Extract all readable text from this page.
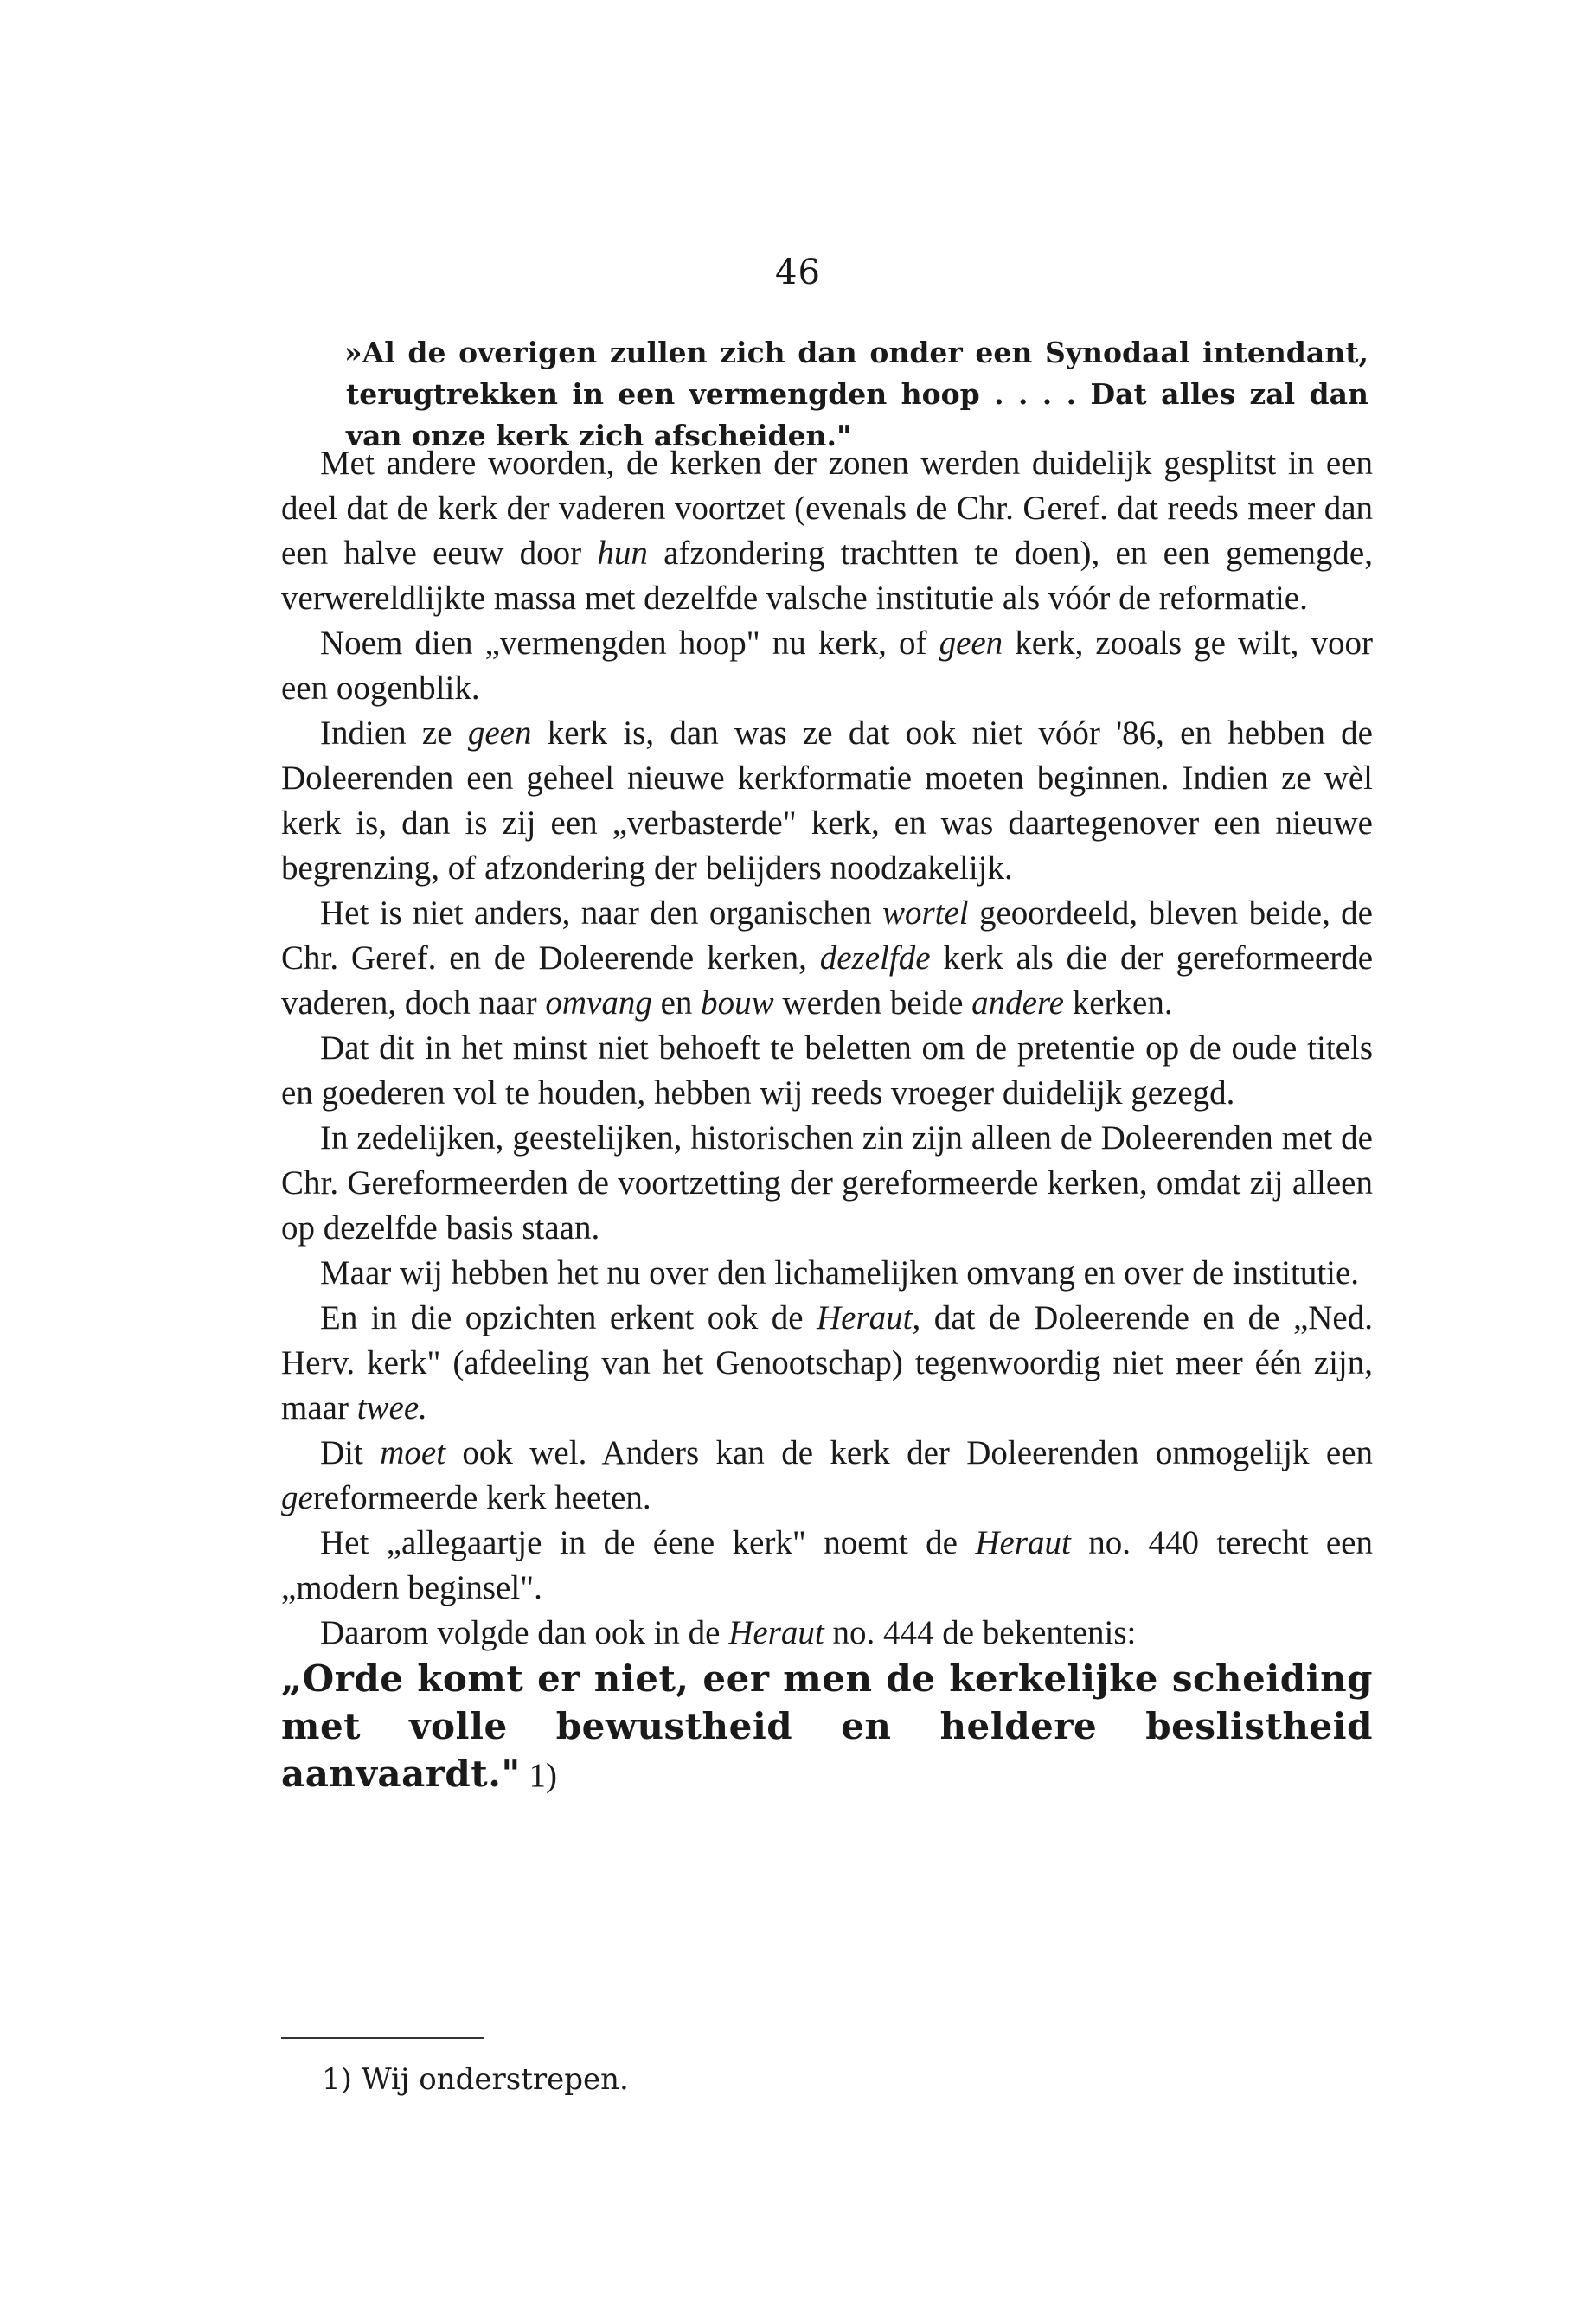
46
»Al de overigen zullen zich dan onder een Synodaal intendant, terugtrekken in een vermengden hoop . . . . Dat alles zal dan van onze kerk zich afscheiden."

Met andere woorden, de kerken der zonen werden duidelijk gesplitst in een deel dat de kerk der vaderen voortzet (evenals de Chr. Geref. dat reeds meer dan een halve eeuw door hun afzondering trachtten te doen), en een gemengde, verwereldlijkte massa met dezelfde valsche institutie als vóór de reformatie.

Noem dien „vermengden hoop" nu kerk, of geen kerk, zooals ge wilt, voor een oogenblik.

Indien ze geen kerk is, dan was ze dat ook niet vóór '86, en hebben de Doleerenden een geheel nieuwe kerkformatie moeten beginnen. Indien ze wèl kerk is, dan is zij een „verbasterde" kerk, en was daartegenover een nieuwe begrenzing, of afzondering der belijders noodzakelijk.

Het is niet anders, naar den organischen wortel geoordeeld, bleven beide, de Chr. Geref. en de Doleerende kerken, dezelfde kerk als die der gereformeerde vaderen, doch naar omvang en bouw werden beide andere kerken.

Dat dit in het minst niet behoeft te beletten om de pretentie op de oude titels en goederen vol te houden, hebben wij reeds vroeger duidelijk gezegd.

In zedelijken, geestelijken, historischen zin zijn alleen de Doleerenden met de Chr. Gereformeerden de voortzetting der gereformeerde kerken, omdat zij alleen op dezelfde basis staan.

Maar wij hebben het nu over den lichamelijken omvang en over de institutie.

En in die opzichten erkent ook de Heraut, dat de Doleerende en de „Ned. Herv. kerk" (afdeeling van het Genootschap) tegenwoordig niet meer één zijn, maar twee.

Dit moet ook wel. Anders kan de kerk der Doleerenden onmogelijk een gereformeerde kerk heeten.

Het „allegaartje in de éene kerk" noemt de Heraut no. 440 terecht een „modern beginsel".

Daarom volgde dan ook in de Heraut no. 444 de bekentenis:
„Orde komt er niet, eer men de kerkelijke scheiding met volle bewustheid en heldere beslistheid aanvaardt." 1)

1) Wij onderstrepen.
